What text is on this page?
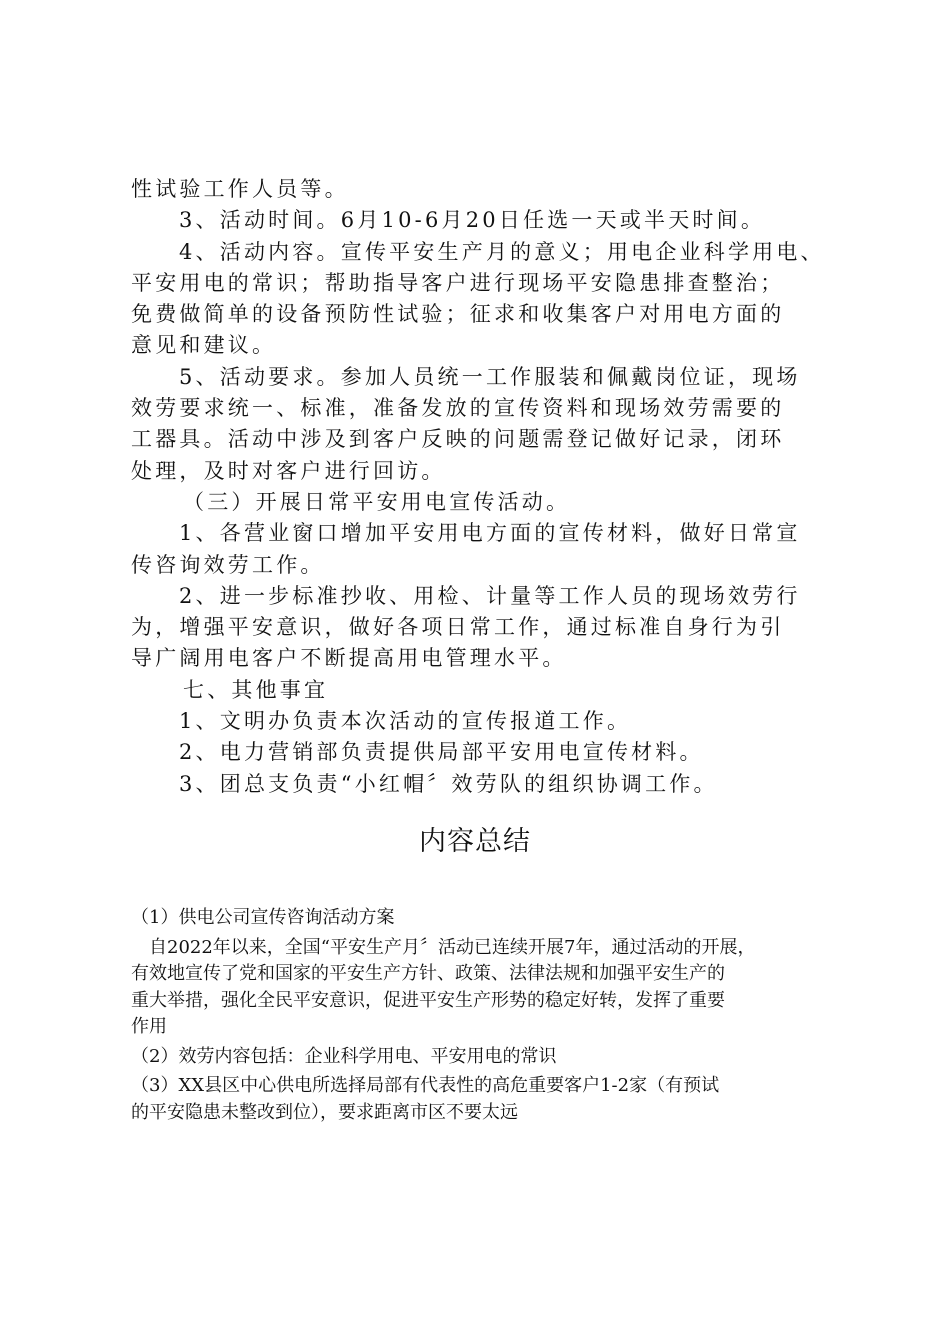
性试验工作人员等。
3、活动时间。6月10-6月20日任选一天或半天时间。
4、活动内容。宣传平安生产月的意义；用电企业科学用电、
平安用电的常识；帮助指导客户进行现场平安隐患排查整治；
免费做简单的设备预防性试验；征求和收集客户对用电方面的
意见和建议。
5、活动要求。参加人员统一工作服装和佩戴岗位证，现场
效劳要求统一、标准，准备发放的宣传资料和现场效劳需要的
工器具。活动中涉及到客户反映的问题需登记做好记录，闭环
处理，及时对客户进行回访。
（三）开展日常平安用电宣传活动。
1、各营业窗口增加平安用电方面的宣传材料，做好日常宣
传咨询效劳工作。
2、进一步标准抄收、用检、计量等工作人员的现场效劳行
为，增强平安意识，做好各项日常工作，通过标准自身行为引
导广阔用电客户不断提高用电管理水平。
七、其他事宜
1、文明办负责本次活动的宣传报道工作。
2、电力营销部负责提供局部平安用电宣传材料。
3、团总支负责“小红帽〞效劳队的组织协调工作。
内容总结
（1）供电公司宣传咨询活动方案
自2022年以来，全国“平安生产月〞活动已连续开展7年，通过活动的开展，
有效地宣传了党和国家的平安生产方针、政策、法律法规和加强平安生产的
重大举措，强化全民平安意识，促进平安生产形势的稳定好转，发挥了重要
作用
（2）效劳内容包括：企业科学用电、平安用电的常识
（3）XX县区中心供电所选择局部有代表性的高危重要客户1-2家（有预试
的平安隐患未整改到位），要求距离市区不要太远
